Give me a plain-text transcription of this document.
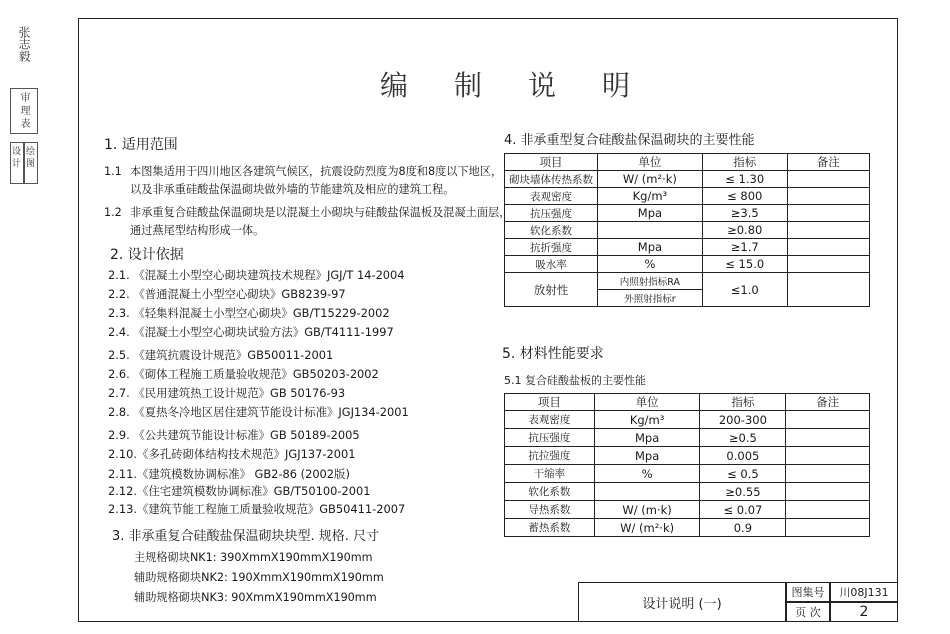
张志毅
审 理 表
设 计 绘 图
编制说明
1. 适用范围
1.1 本图集适用于四川地区各建筑气候区，抗震设防烈度为8度和8度以下地区，
以及非承重硅酸盐保温砌块做外墙的节能建筑及相应的建筑工程。
1.2 非承重复合硅酸盐保温砌块是以混凝土小砌块与硅酸盐保温板及混凝土面层，
通过燕尾型结构形成一体。
2. 设计依据
2.1. 《混凝土小型空心砌块建筑技术规程》JGJ/T 14-2004
2.2. 《普通混凝土小型空心砌块》GB8239-97
2.3. 《轻集料混凝土小型空心砌块》GB/T15229-2002
2.4. 《混凝土小型空心砌块试验方法》GB/T4111-1997
2.5. 《建筑抗震设计规范》GB50011-2001
2.6. 《砌体工程施工质量验收规范》GB50203-2002
2.7. 《民用建筑热工设计规范》GB 50176-93
2.8. 《夏热冬冷地区居住建筑节能设计标准》JGJ134-2001
2.9. 《公共建筑节能设计标准》GB 50189-2005
2.10.《多孔砖砌体结构技术规范》JGJ137-2001
2.11.《建筑模数协调标准》 GB2-86 (2002版)
2.12.《住宅建筑模数协调标准》GB/T50100-2001
2.13.《建筑节能工程施工质量验收规范》GB50411-2007
3. 非承重复合硅酸盐保温砌块块型. 规格. 尺寸
主规格砌块NK1: 390XmmX190mmX190mm
辅助规格砌块NK2: 190XmmX190mmX190mm
辅助规格砌块NK3: 90XmmX190mmX190mm
4. 非承重型复合硅酸盐保温砌块的主要性能
项目	单位	指标	备注
砌块墙体传热系数	W/ (m²·k)	≤ 1.30	
表观密度	Kg/m³	≤ 800	
抗压强度	Mpa	≥3.5	
软化系数		≥0.80	
抗折强度	Mpa	≥1.7	
吸水率	%	≤ 15.0	
放射性	内照射指标RA	≤1.0	
	外照射指标r		
5. 材料性能要求
5.1 复合硅酸盐板的主要性能
项目	单位	指标	备注
表观密度	Kg/m³	200-300	
抗压强度	Mpa	≥0.5	
抗拉强度	Mpa	0.005	
干缩率	%	≤ 0.5	
软化系数		≥0.55	
导热系数	W/ (m·k)	≤ 0.07	
蓄热系数	W/ (m²·k)	0.9	
设计说明 (一)
图集号	川08J131
页 次	2
